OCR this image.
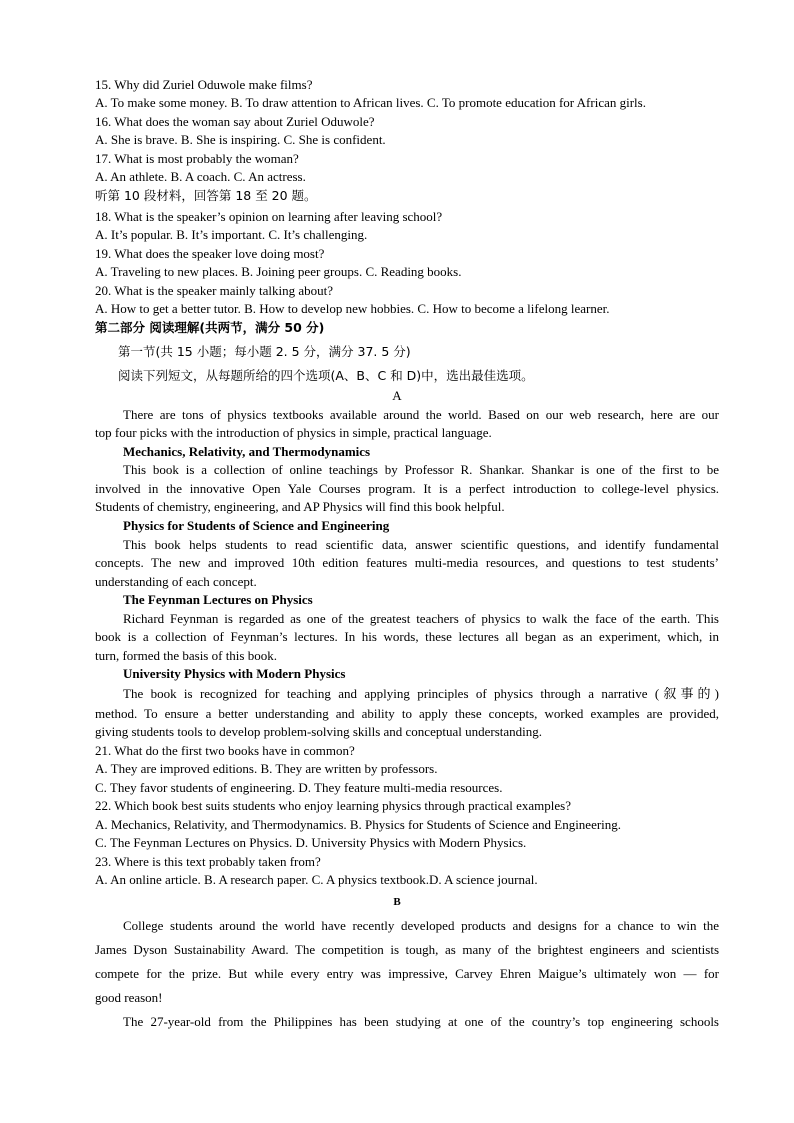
15. Why did Zuriel Oduwole make films?
A. To make some money. B. To draw attention to African lives. C. To promote education for African girls.
16. What does the woman say about Zuriel Oduwole?
A. She is brave. B. She is inspiring. C. She is confident.
17. What is most probably the woman?
A. An athlete. B. A coach. C. An actress.
听第 10 段材料，回答第 18 至 20 题。
18. What is the speaker’s opinion on learning after leaving school?
A. It’s popular. B. It’s important. C. It’s challenging.
19. What does the speaker love doing most?
A. Traveling to new places. B. Joining peer groups. C. Reading books.
20. What is the speaker mainly talking about?
A. How to get a better tutor. B. How to develop new hobbies. C. How to become a lifelong learner.
第二部分 阅读理解(共两节，满分 50 分)
第一节(共 15 小题；每小题 2. 5 分，满分 37. 5 分)
阅读下列短文，从每题所给的四个选项(A、B、C 和 D)中，选出最佳选项。
A
There are tons of physics textbooks available around the world. Based on our web research, here are our
top four picks with the introduction of physics in simple, practical language.
Mechanics, Relativity, and Thermodynamics
This book is a collection of online teachings by Professor R. Shankar. Shankar is one of the first to be
involved in the innovative Open Yale Courses program. It is a perfect introduction to college-level physics.
Students of chemistry, engineering, and AP Physics will find this book helpful.
Physics for Students of Science and Engineering
This book helps students to read scientific data, answer scientific questions, and identify fundamental
concepts. The new and improved 10th edition features multi-media resources, and questions to test students’
understanding of each concept.
The Feynman Lectures on Physics
Richard Feynman is regarded as one of the greatest teachers of physics to walk the face of the earth. This
book is a collection of Feynman’s lectures. In his words, these lectures all began as an experiment, which, in
turn, formed the basis of this book.
University Physics with Modern Physics
The book is recognized for teaching and applying principles of physics through a narrative (叙事的)
method. To ensure a better understanding and ability to apply these concepts, worked examples are provided,
giving students tools to develop problem-solving skills and conceptual understanding.
21. What do the first two books have in common?
A. They are improved editions. B. They are written by professors.
C. They favor students of engineering. D. They feature multi-media resources.
22. Which book best suits students who enjoy learning physics through practical examples?
A. Mechanics, Relativity, and Thermodynamics. B. Physics for Students of Science and Engineering.
C. The Feynman Lectures on Physics. D. University Physics with Modern Physics.
23. Where is this text probably taken from?
A. An online article. B. A research paper. C. A physics textbook.D. A science journal.
B
College students around the world have recently developed products and designs for a chance to win the
James Dyson Sustainability Award. The competition is tough, as many of the brightest engineers and scientists
compete for the prize. But while every entry was impressive, Carvey Ehren Maigue’s ultimately won — for
good reason!
The 27-year-old from the Philippines has been studying at one of the country’s top engineering schools
